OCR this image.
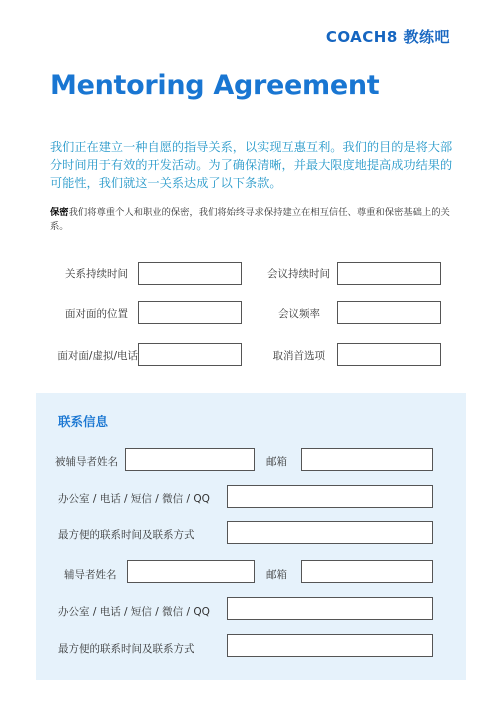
COACH8 教练吧
Mentoring Agreement
我们正在建立一种自愿的指导关系，以实现互惠互利。我们的目的是将大部分时间用于有效的开发活动。为了确保清晰，并最大限度地提高成功结果的可能性，我们就这一关系达成了以下条款。
保密我们将尊重个人和职业的保密，我们将始终寻求保持建立在相互信任、尊重和保密基础上的关系。
关系持续时间	会议持续时间
面对面的位置	会议频率
面对面/虚拟/电话	取消首选项
联系信息
被辅导者姓名	邮箱
办公室 / 电话 / 短信 / 微信 / QQ
最方便的联系时间及联系方式
辅导者姓名	邮箱
办公室 / 电话 / 短信 / 微信 / QQ
最方便的联系时间及联系方式
